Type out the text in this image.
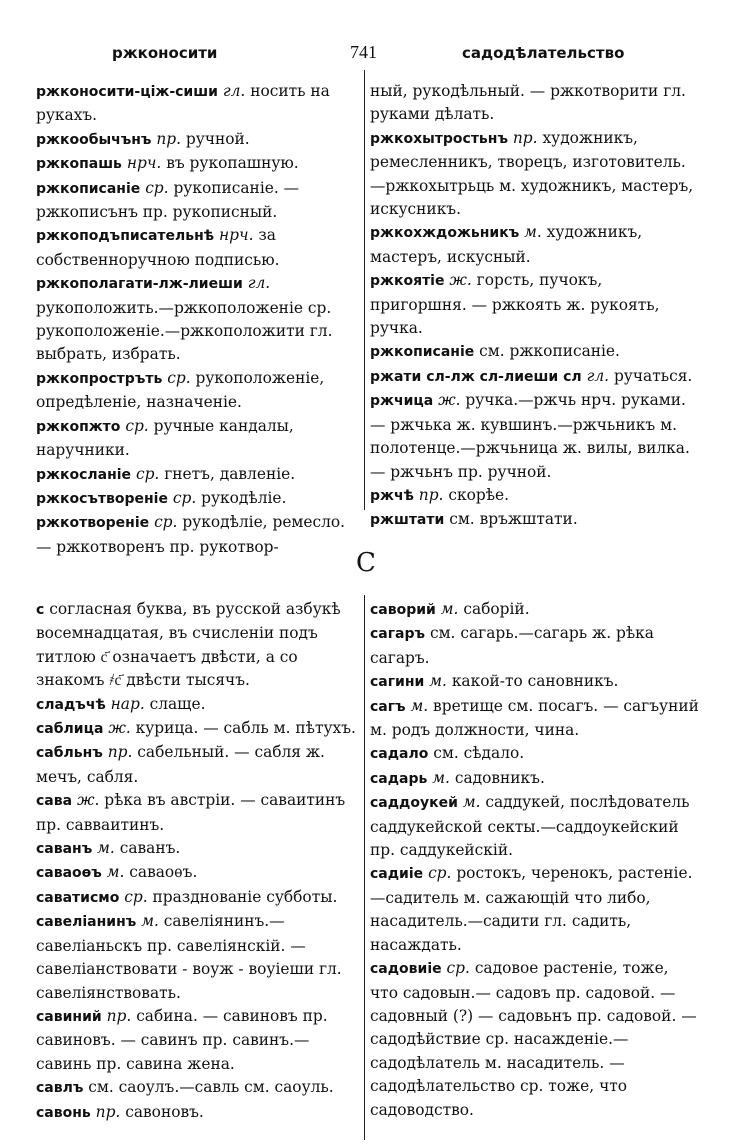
ржконосити	741	садодѣлательство

ржконосити-ціж-сиши гл. носить на рукахъ.

ржкообычънъ пр. ручной.

ржкопашь нрч. въ рукопашную.

ржкописаніе ср. рукописаніе. — ржкописънъ пр. рукописный.

ржкоподъписательнѣ нрч. за собственноручною подписью.

ржкополагати-лж-лиеши гл. рукоположить.—ржкоположеніе ср. рукоположеніе.—ржкоположити гл. выбрать, избрать.

ржкопростръть ср. рукоположеніе, опредѣленіе, назначеніе.

ржкопжто ср. ручные кандалы, наручники.

ржкосланіе ср. гнетъ, давленіе.

ржкосътвореніе ср. рукодѣліе.

ржкотвореніе ср. рукодѣліе, ремесло. — ржкотворенъ пр. рукотвор-

ный, рукодѣльный. — ржкотворити гл. руками дѣлать.

ржкохытростьнъ пр. художникъ, ремесленникъ, творецъ, изготовитель. —ржкохытрьць м. художникъ, мастеръ, искусникъ.

ржкохждожьникъ м. художникъ, мастеръ, искусный.

ржкоятіе ж. горсть, пучокъ, пригоршня. — ржкоять ж. рукоять, ручка.

ржкописаніе см. ржкописаніе.

ржати сл-лж сл-лиеши сл гл. ручаться.

ржчица ж. ручка.—ржчь нрч. руками. — ржчька ж. кувшинъ.—ржчьникъ м. полотенце.—ржчьница ж. вилы, вилка.— ржчьнъ пр. ручной.

ржчѣ пр. скорѣе.

ржштати см. връжштати.

С

с согласная буква, въ русской азбукѣ восемнадцатая, въ счисленіи подъ титлою с҃ означаетъ двѣсти, а со знакомъ ҂с҃ двѣсти тысячъ.

сладъчѣ нар. слаще.

саблица ж. курица. — сабль м. пѣтухъ.

сабльнъ пр. сабельный. — сабля ж. мечъ, сабля.

сава ж. рѣка въ австріи. — саваитинъ пр. савваитинъ.

саванъ м. саванъ.

саваоѳъ м. саваоѳъ.

саватисмо ср. празднованіе субботы.

савеліанинъ м. савеліянинъ.—савеліаньскъ пр. савеліянскій. — савеліанствовати - воуж - воуіеши гл. савеліянствовать.

савиний пр. сабина. — савиновъ пр. савиновъ. — савинъ пр. савинъ.— савинь пр. савина жена.

савлъ см. саоулъ.—савль см. саоуль.

савонь пр. савоновъ.

саворий м. саборій.

сагаръ см. сагарь.—сагарь ж. рѣка сагаръ.

сагини м. какой-то сановникъ.

сагъ м. вретище см. посагъ. — сагъуний м. родъ должности, чина.

садало см. сѣдало.

садарь м. садовникъ.

саддоукей м. саддукей, послѣдователь саддукейской секты.—саддоукейский пр. саддукейскій.

садиіе ср. ростокъ, черенокъ, растеніе.—садитель м. сажающій что либо, насадитель.—садити гл. садить, насаждать.

садовиіе ср. садовое растеніе, тоже, что садовын.— садовъ пр. садовой. —садовный (?) — садовьнъ пр. садовой. —садодѣйствие ср. насажденіе.—садодѣлатель м. насадитель. — садодѣлательство ср. тоже, что садоводство.
